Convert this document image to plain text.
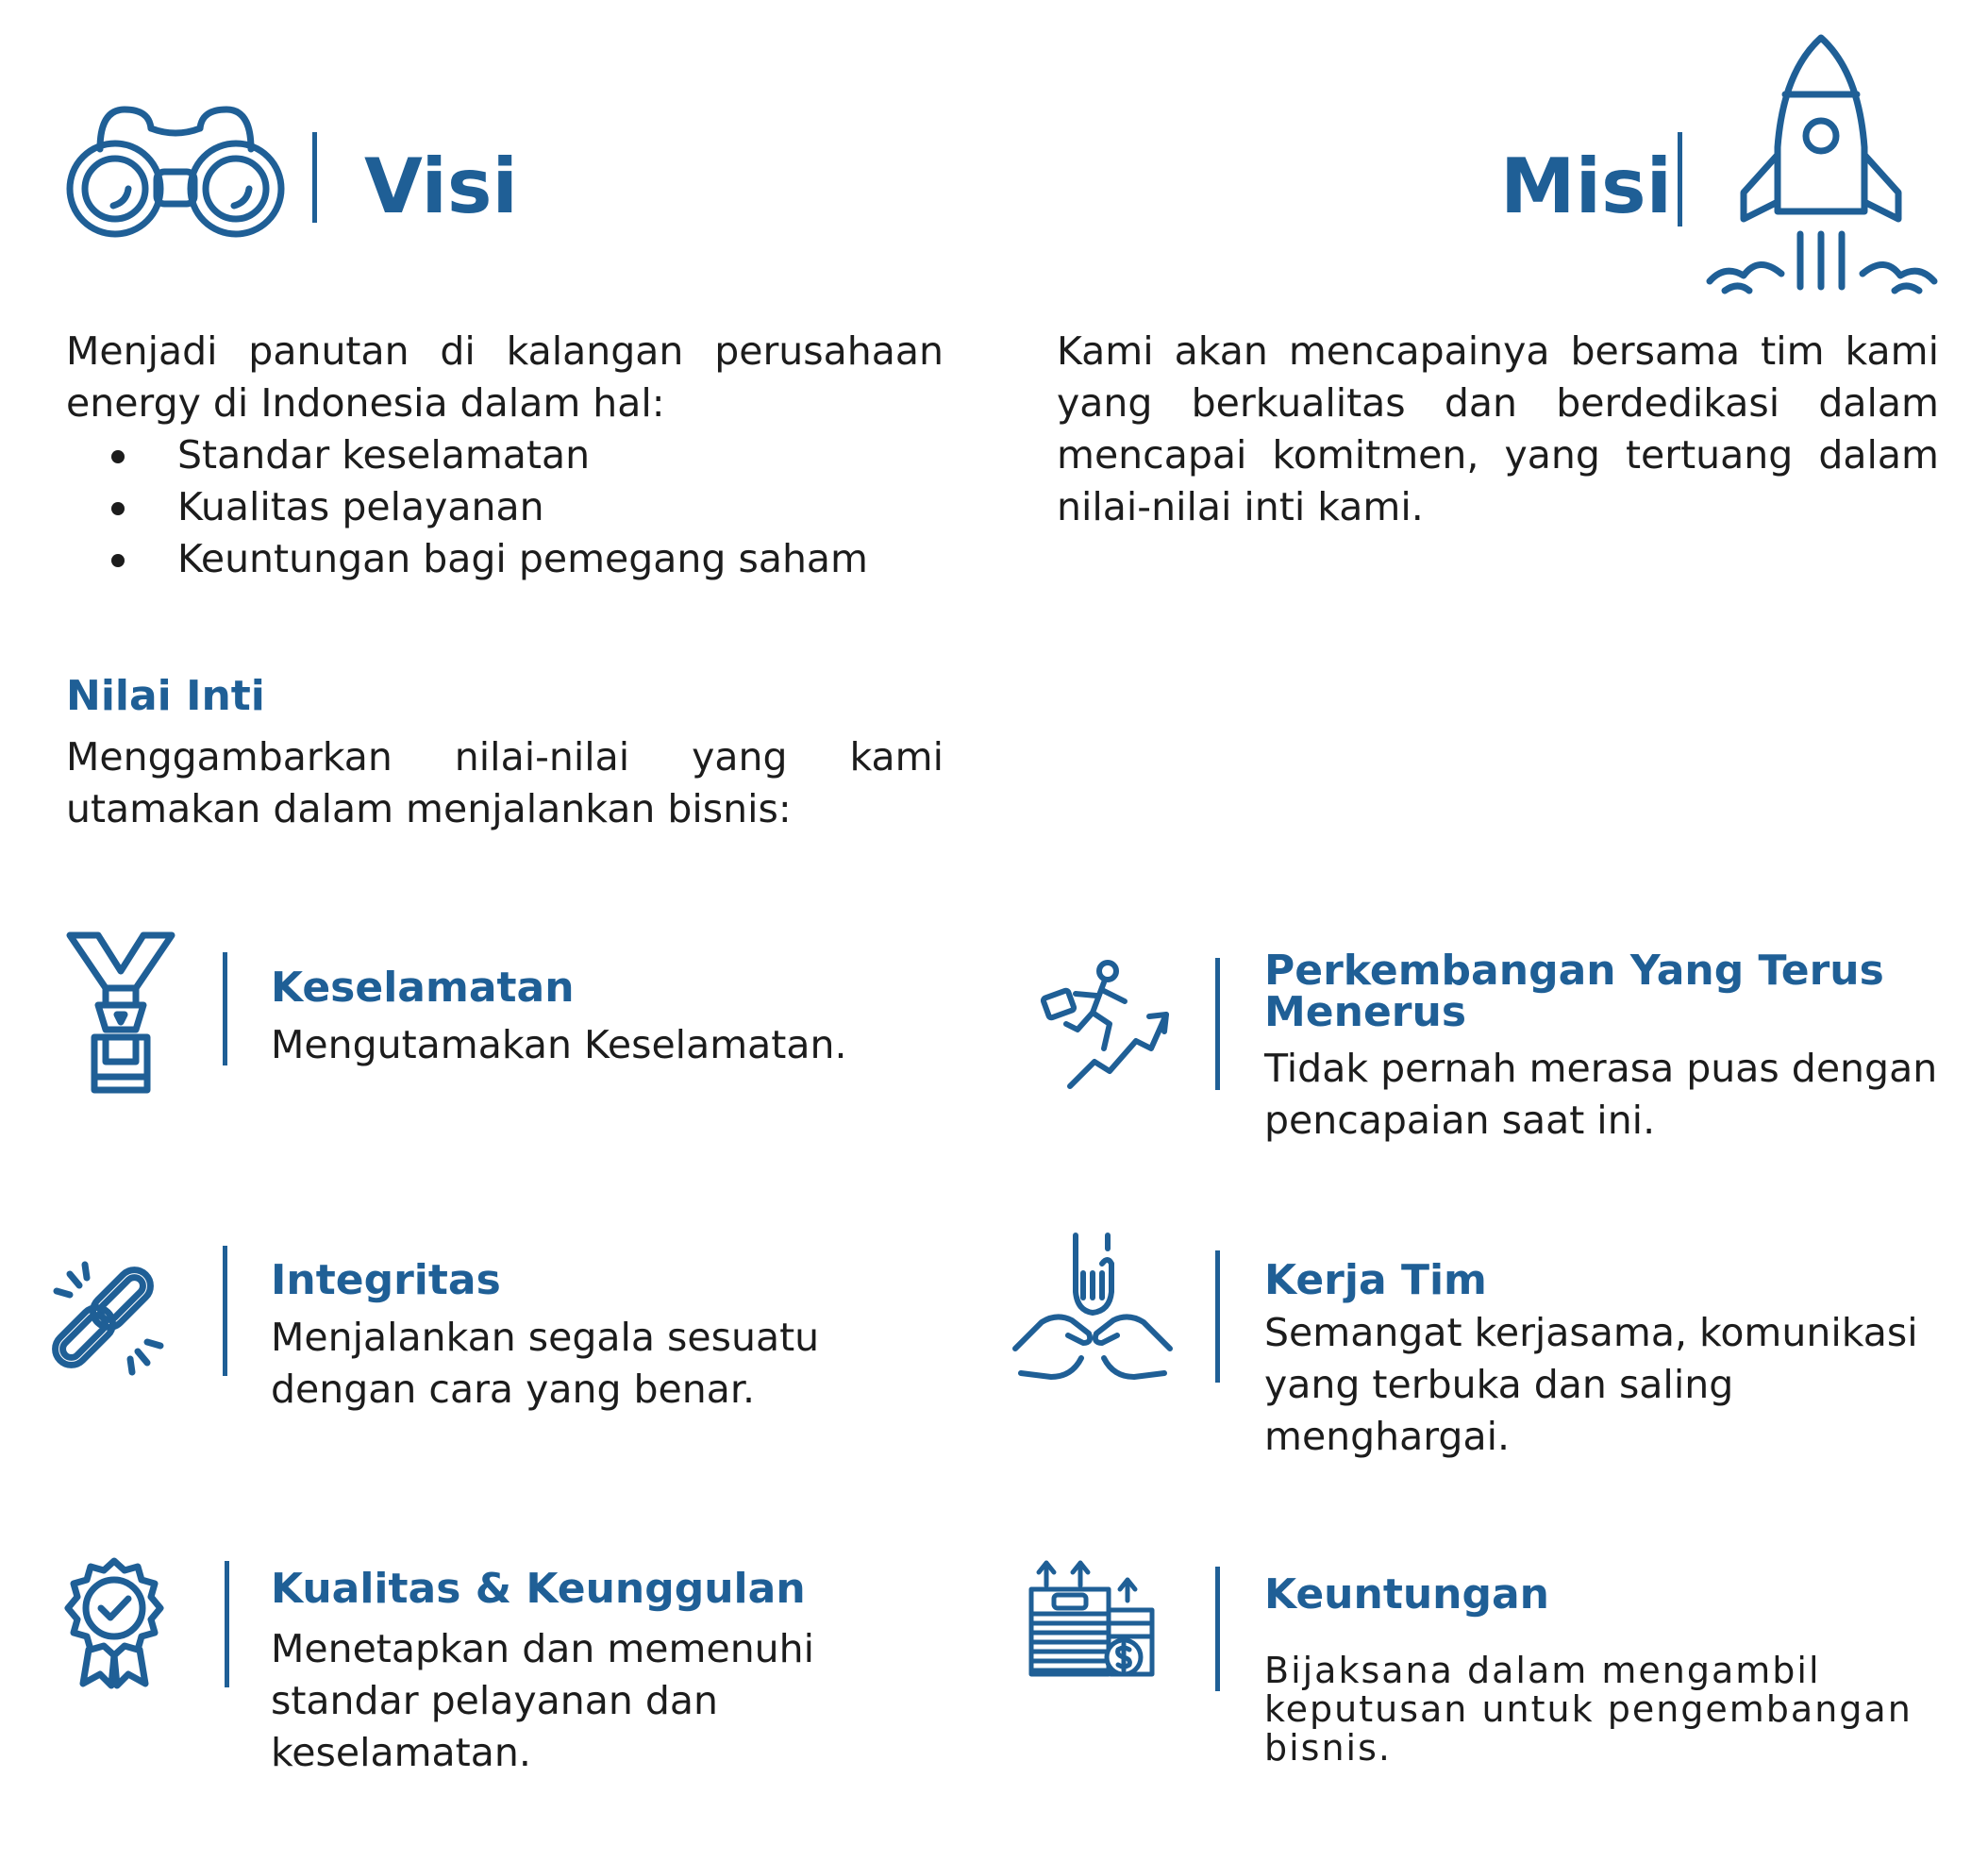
Visi	Misi
Menjadi panutan di kalangan perusahaan energy di Indonesia dalam hal:
Standar keselamatan
Kualitas pelayanan
Keuntungan bagi pemegang saham
Kami akan mencapainya bersama tim kami yang berkualitas dan berdedikasi dalam mencapai komitmen, yang tertuang dalam nilai-nilai inti kami.
Nilai Inti
Menggambarkan nilai-nilai yang kami utamakan dalam menjalankan bisnis:
Keselamatan
Mengutamakan Keselamatan.
Integritas
Menjalankan segala sesuatu dengan cara yang benar.
Kualitas & Keunggulan
Menetapkan dan memenuhi standar pelayanan dan keselamatan.
Perkembangan Yang Terus Menerus
Tidak pernah merasa puas dengan pencapaian saat ini.
Kerja Tim
Semangat kerjasama, komunikasi yang terbuka dan saling menghargai.
Keuntungan
Bijaksana dalam mengambil keputusan untuk pengembangan bisnis.
